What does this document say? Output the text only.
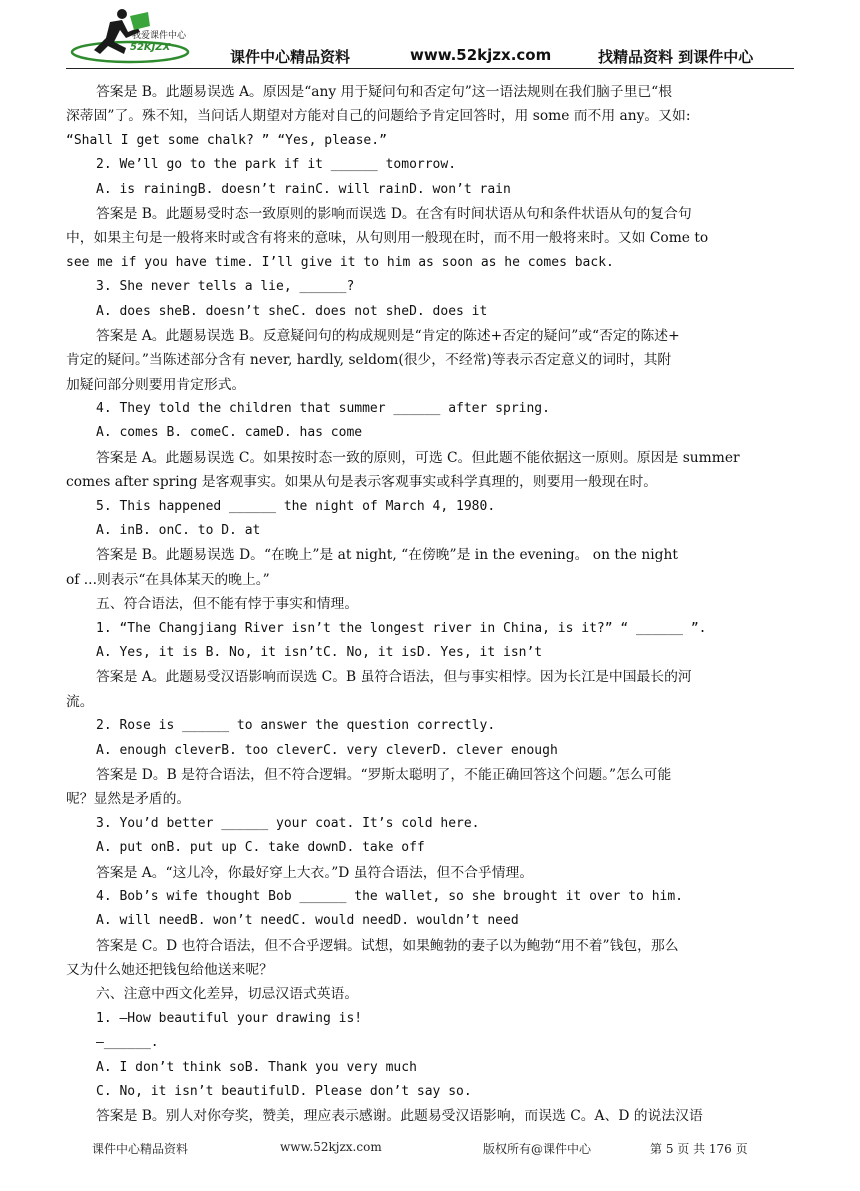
我爱课件中心
52KJZX
课件中心精品资料	www.52kjzx.com	找精品资料 到课件中心
答案是 B。此题易误选 A。原因是“any 用于疑问句和否定句”这一语法规则在我们脑子里已“根
深蒂固”了。殊不知，当问话人期望对方能对自己的问题给予肯定回答时，用 some 而不用 any。又如:
“Shall I get some chalk? ” “Yes, please.”
2. We’ll go to the park if it ______ tomorrow.
A. is rainingB. doesn’t rainC. will rainD. won’t rain
答案是 B。此题易受时态一致原则的影响而误选 D。在含有时间状语从句和条件状语从句的复合句
中，如果主句是一般将来时或含有将来的意味，从句则用一般现在时，而不用一般将来时。又如 Come to
see me if you have time. I’ll give it to him as soon as he comes back.
3. She never tells a lie, ______?
A. does sheB. doesn’t sheC. does not sheD. does it
答案是 A。此题易误选 B。反意疑问句的构成规则是“肯定的陈述+否定的疑问”或“否定的陈述+
肯定的疑问。”当陈述部分含有 never, hardly, seldom(很少，不经常)等表示否定意义的词时，其附
加疑问部分则要用肯定形式。
4. They told the children that summer ______ after spring.
A. comes B. comeC. cameD. has come
答案是 A。此题易误选 C。如果按时态一致的原则，可选 C。但此题不能依据这一原则。原因是 summer
comes after spring 是客观事实。如果从句是表示客观事实或科学真理的，则要用一般现在时。
5. This happened ______ the night of March 4, 1980.
A. inB. onC. to D. at
答案是 B。此题易误选 D。“在晚上”是 at night, “在傍晚”是 in the evening。 on the night
of ...则表示“在具体某天的晚上。”
五、符合语法，但不能有悖于事实和情理。
1. “The Changjiang River isn’t the longest river in China, is it?” “ ______ ”.
A. Yes, it is B. No, it isn’tC. No, it isD. Yes, it isn’t
答案是 A。此题易受汉语影响而误选 C。B 虽符合语法，但与事实相悖。因为长江是中国最长的河
流。
2. Rose is ______ to answer the question correctly.
A. enough cleverB. too cleverC. very cleverD. clever enough
答案是 D。B 是符合语法，但不符合逻辑。“罗斯太聪明了，不能正确回答这个问题。”怎么可能
呢？显然是矛盾的。
3. You’d better ______ your coat. It’s cold here.
A. put onB. put up C. take downD. take off
答案是 A。“这儿冷，你最好穿上大衣。”D 虽符合语法，但不合乎情理。
4. Bob’s wife thought Bob ______ the wallet, so she brought it over to him.
A. will needB. won’t needC. would needD. wouldn’t need
答案是 C。D 也符合语法，但不合乎逻辑。试想，如果鲍勃的妻子以为鲍勃“用不着”钱包，那么
又为什么她还把钱包给他送来呢？
六、注意中西文化差异，切忌汉语式英语。
1. —How beautiful your drawing is!
—______.
A. I don’t think soB. Thank you very much
C. No, it isn’t beautifulD. Please don’t say so.
答案是 B。别人对你夸奖，赞美，理应表示感谢。此题易受汉语影响，而误选 C。A、D 的说法汉语
课件中心精品资料	www.52kjzx.com	版权所有@课件中心	第 5 页 共 176 页
